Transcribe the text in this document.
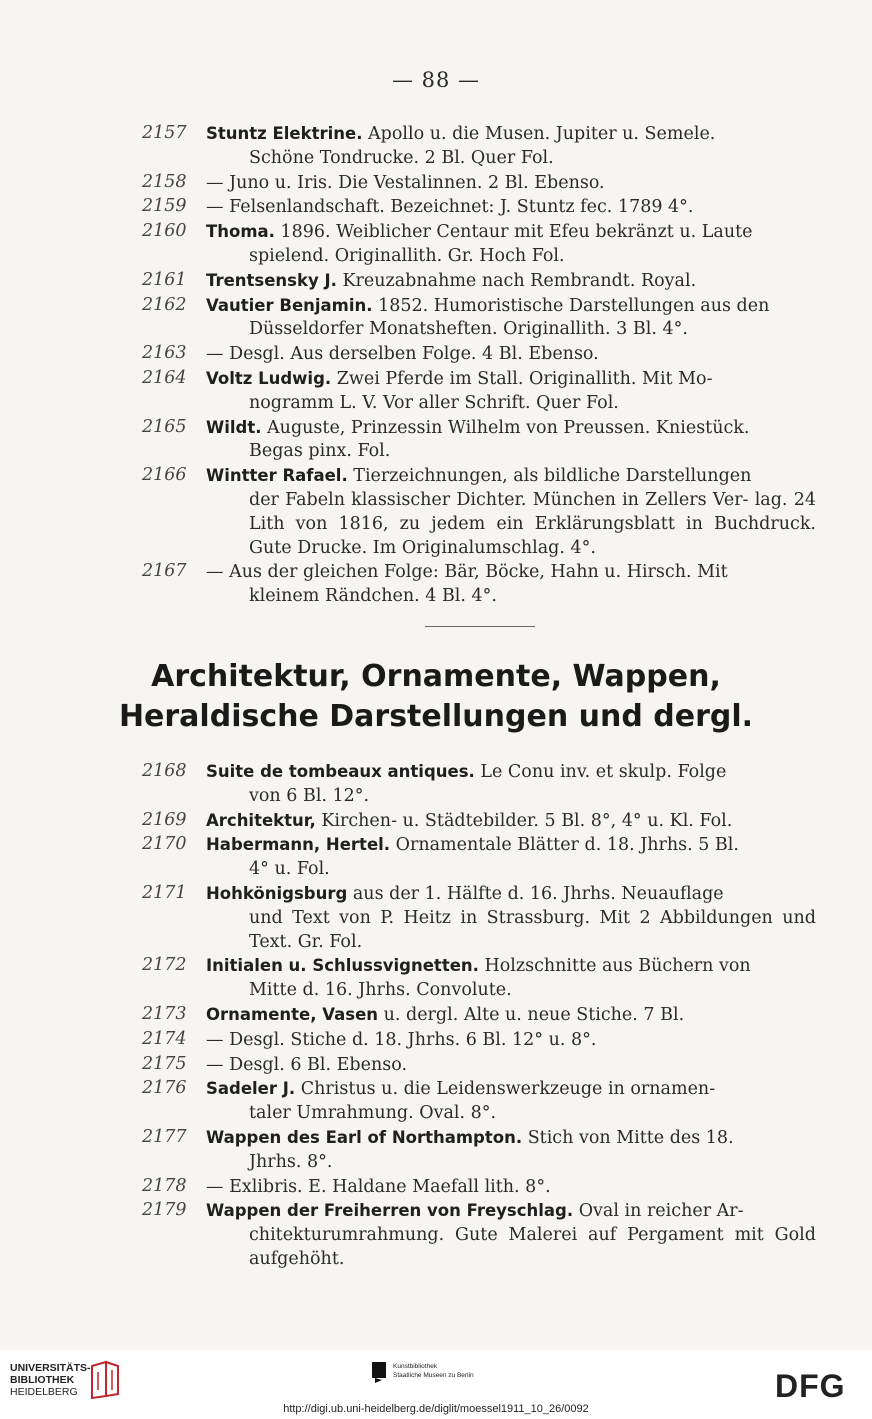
— 88 —
2157	Stuntz Elektrine. Apollo u. die Musen. Jupiter u. Semele.
Schöne Tondrucke. 2 Bl. Quer Fol.
2158	— Juno u. Iris. Die Vestalinnen. 2 Bl. Ebenso.
2159	— Felsenlandschaft. Bezeichnet: J. Stuntz fec. 1789 4°.
2160	Thoma. 1896. Weiblicher Centaur mit Efeu bekränzt u. Laute
spielend. Originallith. Gr. Hoch Fol.
2161	Trentsensky J. Kreuzabnahme nach Rembrandt. Royal.
2162	Vautier Benjamin. 1852. Humoristische Darstellungen aus den
Düsseldorfer Monatsheften. Originallith. 3 Bl. 4°.
2163	— Desgl. Aus derselben Folge. 4 Bl. Ebenso.
2164	Voltz Ludwig. Zwei Pferde im Stall. Originallith. Mit Mo-
nogramm L. V. Vor aller Schrift. Quer Fol.
2165	Wildt. Auguste, Prinzessin Wilhelm von Preussen. Kniestück.
Begas pinx. Fol.
2166	Wintter Rafael. Tierzeichnungen, als bildliche Darstellungen
der Fabeln klassischer Dichter. München in Zellers Ver- lag. 24 Lith von 1816, zu jedem ein Erklärungsblatt in Buchdruck. Gute Drucke. Im Originalumschlag. 4°.
2167	— Aus der gleichen Folge: Bär, Böcke, Hahn u. Hirsch. Mit
kleinem Rändchen. 4 Bl. 4°.
Architektur, Ornamente, Wappen,
Heraldische Darstellungen und dergl.
2168	Suite de tombeaux antiques. Le Conu inv. et skulp. Folge
von 6 Bl. 12°.
2169	Architektur, Kirchen- u. Städtebilder. 5 Bl. 8°, 4° u. Kl. Fol.
2170	Habermann, Hertel. Ornamentale Blätter d. 18. Jhrhs. 5 Bl.
4° u. Fol.
2171	Hohkönigsburg aus der 1. Hälfte d. 16. Jhrhs. Neuauflage
und Text von P. Heitz in Strassburg. Mit 2 Abbildungen und Text. Gr. Fol.
2172	Initialen u. Schlussvignetten. Holzschnitte aus Büchern von
Mitte d. 16. Jhrhs. Convolute.
2173	Ornamente, Vasen u. dergl. Alte u. neue Stiche. 7 Bl.
2174	— Desgl. Stiche d. 18. Jhrhs. 6 Bl. 12° u. 8°.
2175	— Desgl. 6 Bl. Ebenso.
2176	Sadeler J. Christus u. die Leidenswerkzeuge in ornamen-
taler Umrahmung. Oval. 8°.
2177	Wappen des Earl of Northampton. Stich von Mitte des 18.
Jhrhs. 8°.
2178	— Exlibris. E. Haldane Maefall lith. 8°.
2179	Wappen der Freiherren von Freyschlag. Oval in reicher Ar-
chitekturumrahmung. Gute Malerei auf Pergament mit Gold aufgehöht.
UNIVERSITÄTS-
BIBLIOTHEK
HEIDELBERG
Kunstbibliothek
Staatliche Museen zu Berlin	DFG
http://digi.ub.uni-heidelberg.de/diglit/moessel1911_10_26/0092
